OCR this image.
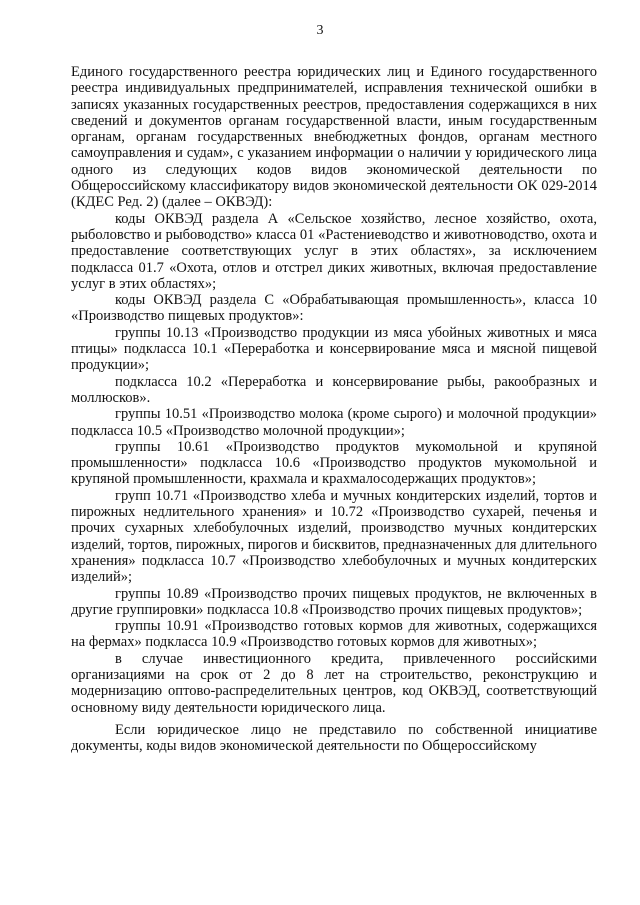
3

Единого государственного реестра юридических лиц и Единого государственного реестра индивидуальных предпринимателей, исправления технической ошибки в записях указанных государственных реестров, предоставления содержащихся в них сведений и документов органам государственной власти, иным государственным органам, органам государственных внебюджетных фондов, органам местного самоуправления и судам», с указанием информации о наличии у юридического лица одного из следующих кодов видов экономической деятельности по Общероссийскому классификатору видов экономической деятельности ОК 029-2014 (КДЕС Ред. 2) (далее – ОКВЭД):

коды ОКВЭД раздела А «Сельское хозяйство, лесное хозяйство, охота, рыболовство и рыбоводство» класса 01 «Растениеводство и животноводство, охота и предоставление соответствующих услуг в этих областях», за исключением подкласса 01.7 «Охота, отлов и отстрел диких животных, включая предоставление услуг в этих областях»;

коды ОКВЭД раздела С «Обрабатывающая промышленность», класса 10 «Производство пищевых продуктов»:

группы 10.13 «Производство продукции из мяса убойных животных и мяса птицы» подкласса 10.1 «Переработка и консервирование мяса и мясной пищевой продукции»;

подкласса 10.2 «Переработка и консервирование рыбы, ракообразных и моллюсков».

группы 10.51 «Производство молока (кроме сырого) и молочной продукции» подкласса 10.5 «Производство молочной продукции»;

группы 10.61 «Производство продуктов мукомольной и крупяной промышленности» подкласса 10.6 «Производство продуктов мукомольной и крупяной промышленности, крахмала и крахмалосодержащих продуктов»;

групп 10.71 «Производство хлеба и мучных кондитерских изделий, тортов и пирожных недлительного хранения» и 10.72 «Производство сухарей, печенья и прочих сухарных хлебобулочных изделий, производство мучных кондитерских изделий, тортов, пирожных, пирогов и бисквитов, предназначенных для длительного хранения» подкласса 10.7 «Производство хлебобулочных и мучных кондитерских изделий»;

группы 10.89 «Производство прочих пищевых продуктов, не включенных в другие группировки» подкласса 10.8 «Производство прочих пищевых продуктов»;

группы 10.91 «Производство готовых кормов для животных, содержащихся на фермах» подкласса 10.9 «Производство готовых кормов для животных»;

в случае инвестиционного кредита, привлеченного российскими организациями на срок от 2 до 8 лет на строительство, реконструкцию и модернизацию оптово-распределительных центров, код ОКВЭД, соответствующий основному виду деятельности юридического лица.

Если юридическое лицо не представило по собственной инициативе документы, коды видов экономической деятельности по Общероссийскому
